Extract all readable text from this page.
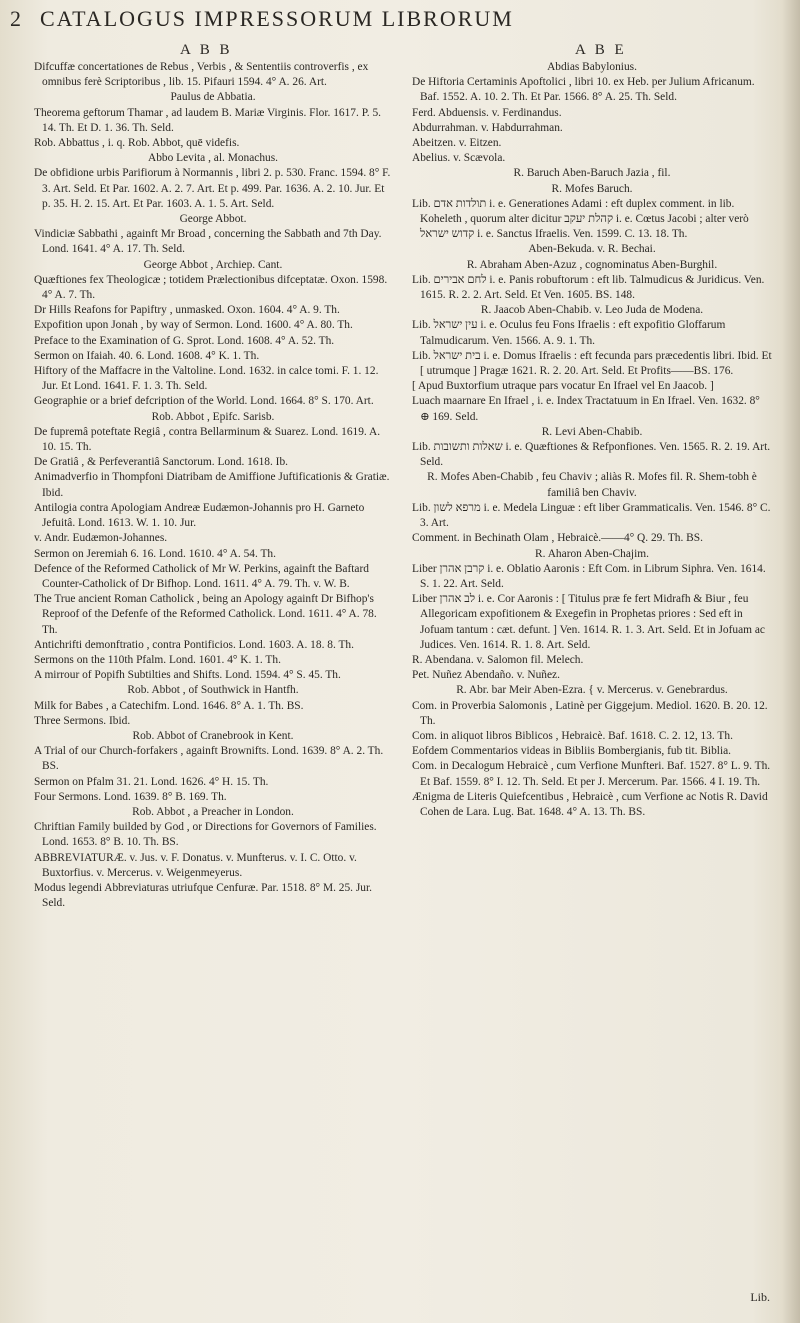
2 CATALOGUS IMPRESSORUM LIBRORUM
A B B	A B E

Difcuffæ concertationes de Rebus , Verbis , & Sententiis controverfis , ex omnibus ferè Scriptoribus , lib. 15. Pifauri 1594. 4° A. 26. Art.

Paulus de Abbatia.

Theorema geftorum Thamar , ad laudem B. Mariæ Virginis. Flor. 1617. P. 5. 14. Th. Et D. 1. 36. Th. Seld.

Rob. Abbattus , i. q. Rob. Abbot, quē videfis.

Abbo Levita , al. Monachus.

De obfidione urbis Parifiorum à Normannis , libri 2. p. 530. Franc. 1594. 8° F. 3. Art. Seld. Et Par. 1602. A. 2. 7. Art. Et p. 499. Par. 1636. A. 2. 10. Jur. Et p. 35. H. 2. 15. Art. Et Par. 1603. A. 1. 5. Art. Seld.

George Abbot.

Vindiciæ Sabbathi , againft Mr Broad , concerning the Sabbath and 7th Day. Lond. 1641. 4° A. 17. Th. Seld.

George Abbot , Archiep. Cant.

Quæftiones fex Theologicæ ; totidem Prælectionibus difceptatæ. Oxon. 1598. 4° A. 7. Th.

Dr Hills Reafons for Papiftry , unmasked. Oxon. 1604. 4° A. 9. Th.

Expofition upon Jonah , by way of Sermon. Lond. 1600. 4° A. 80. Th.

Preface to the Examination of G. Sprot. Lond. 1608. 4° A. 52. Th.

Sermon on Ifaiah. 40. 6. Lond. 1608. 4° K. 1. Th.

Hiftory of the Maffacre in the Valtoline. Lond. 1632. in calce tomi. F. 1. 12. Jur. Et Lond. 1641. F. 1. 3. Th. Seld.

Geographie or a brief defcription of the World. Lond. 1664. 8° S. 170. Art.

Rob. Abbot , Epifc. Sarisb.

De fupremâ poteftate Regiâ , contra Bellarminum & Suarez. Lond. 1619. A. 10. 15. Th.

De Gratiâ , & Perfeverantiâ Sanctorum. Lond. 1618. Ib.

Animadverfio in Thompfoni Diatribam de Amiffione Juftificationis & Gratiæ. Ibid.

Antilogia contra Apologiam Andreæ Eudæmon-Johannis pro H. Garneto Jefuitâ. Lond. 1613. W. 1. 10. Jur.

v. Andr. Eudæmon-Johannes.

Sermon on Jeremiah 6. 16. Lond. 1610. 4° A. 54. Th.

Defence of the Reformed Catholick of Mr W. Perkins, againft the Baftard Counter-Catholick of Dr Bifhop. Lond. 1611. 4° A. 79. Th. v. W. B.

The True ancient Roman Catholick , being an Apology againft Dr Bifhop's Reproof of the Defenfe of the Reformed Catholick. Lond. 1611. 4° A. 78. Th.

Antichrifti demonftratio , contra Pontificios. Lond. 1603. A. 18. 8. Th.

Sermons on the 110th Pfalm. Lond. 1601. 4° K. 1. Th.

A mirrour of Popifh Subtilties and Shifts. Lond. 1594. 4° S. 45. Th.

Rob. Abbot , of Southwick in Hantfh.

Milk for Babes , a Catechifm. Lond. 1646. 8° A. 1. Th. BS.

Three Sermons. Ibid.

Rob. Abbot of Cranebrook in Kent.

A Trial of our Church-forfakers , againft Brownifts. Lond. 1639. 8° A. 2. Th. BS.

Sermon on Pfalm 31. 21. Lond. 1626. 4° H. 15. Th.

Four Sermons. Lond. 1639. 8° B. 169. Th.

Rob. Abbot , a Preacher in London.

Chriftian Family builded by God , or Directions for Governors of Families. Lond. 1653. 8° B. 10. Th. BS.

ABBREVIATURÆ. v. Jus. v. F. Donatus. v. Munfterus. v. I. C. Otto. v. Buxtorfius. v. Mercerus. v. Weigenmeyerus.

Modus legendi Abbreviaturas utriufque Cenfuræ. Par. 1518. 8° M. 25. Jur. Seld.

Abdias Babylonius.

De Hiftoria Certaminis Apoftolici , libri 10. ex Heb. per Julium Africanum. Baf. 1552. A. 10. 2. Th. Et Par. 1566. 8° A. 25. Th. Seld.

Ferd. Abduensis. v. Ferdinandus.

Abdurrahman. v. Habdurrahman.

Abeitzen. v. Eitzen.

Abelius. v. Scævola.

R. Baruch Aben-Baruch Jazia , fil.

R. Mofes Baruch.

Lib. תולדות אדם i. e. Generationes Adami : eft duplex comment. in lib. Koheleth , quorum alter dicitur קהלת יעקב i. e. Cœtus Jacobi ; alter verò קדוש ישראל i. e. Sanctus Ifraelis. Ven. 1599. C. 13. 18. Th.

Aben-Bekuda. v. R. Bechai.

R. Abraham Aben-Azuz , cognominatus Aben-Burghil.

Lib. לחם אבירים i. e. Panis robuftorum : eft lib. Talmudicus & Juridicus. Ven. 1615. R. 2. 2. Art. Seld. Et Ven. 1605. BS. 148.

R. Jaacob Aben-Chabib. v. Leo Juda de Modena.

Lib. עין ישראל i. e. Oculus feu Fons Ifraelis : eft expofitio Gloffarum Talmudicarum. Ven. 1566. A. 9. 1. Th.

Lib. בית ישראל i. e. Domus Ifraelis : eft fecunda pars præcedentis libri. Ibid. Et [ utrumque ] Pragæ 1621. R. 2. 20. Art. Seld. Et Profits——BS. 176.

[ Apud Buxtorfium utraque pars vocatur En Ifrael vel En Jaacob. ]

Luach maarnare En Ifrael , i. e. Index Tractatuum in En Ifrael. Ven. 1632. 8° ⊕ 169. Seld.

R. Levi Aben-Chabib.

Lib. שאלות ותשובות i. e. Quæftiones & Refponfiones. Ven. 1565. R. 2. 19. Art. Seld.

R. Mofes Aben-Chabib , feu Chaviv ; aliàs R. Mofes fil. R. Shem-tobh è familiâ ben Chaviv.

Lib. מרפא לשון i. e. Medela Linguæ : eft liber Grammaticalis. Ven. 1546. 8° C. 3. Art.

Comment. in Bechinath Olam , Hebraicè.——4° Q. 29. Th. BS.

R. Aharon Aben-Chajim.

Liber קרבן אהרן i. e. Oblatio Aaronis : Eft Com. in Librum Siphra. Ven. 1614. S. 1. 22. Art. Seld.

Liber לב אהרן i. e. Cor Aaronis : [ Titulus præ fe fert Midrafh & Biur , feu Allegoricam expofitionem & Exegefin in Prophetas priores : Sed eft in Jofuam tantum : cæt. defunt. ] Ven. 1614. R. 1. 3. Art. Seld. Et in Jofuam ac Judices. Ven. 1614. R. 1. 8. Art. Seld.

R. Abendana. v. Salomon fil. Melech.

Pet. Nuñez Abendaño. v. Nuñez.

R. Abr. bar Meir Aben-Ezra. { v. Mercerus. v. Genebrardus.

Com. in Proverbia Salomonis , Latinè per Giggejum. Mediol. 1620. B. 20. 12. Th.

Com. in aliquot libros Biblicos , Hebraicè. Baf. 1618. C. 2. 12, 13. Th.

Eofdem Commentarios videas in Bibliis Bombergianis, fub tit. Biblia.

Com. in Decalogum Hebraicè , cum Verfione Munfteri. Baf. 1527. 8° L. 9. Th. Et Baf. 1559. 8° I. 12. Th. Seld. Et per J. Mercerum. Par. 1566. 4 I. 19. Th.

Ænigma de Literis Quiefcentibus , Hebraicè , cum Verfione ac Notis R. David Cohen de Lara. Lug. Bat. 1648. 4° A. 13. Th. BS.

Lib.
